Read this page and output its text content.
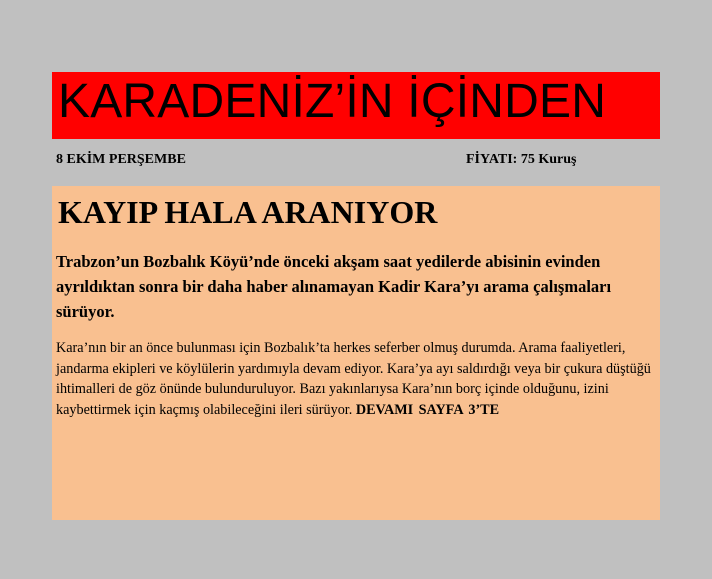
KARADENİZ’İN İÇİNDEN
8 EKİM PERŞEMBE	FİYATI: 75 Kuruş
KAYIP HALA ARANIYOR
Trabzon’un Bozbalık Köyü’nde önceki akşam saat yedilerde abisinin evinden ayrıldıktan sonra bir daha haber alınamayan Kadir Kara’yı arama çalışmaları sürüyor.
Kara’nın bir an önce bulunması için Bozbalık’ta herkes seferber olmuş durumda. Arama faaliyetleri, jandarma ekipleri ve köylülerin yardımıyla devam ediyor. Kara’ya ayı saldırdığı veya bir çukura düştüğü ihtimalleri de göz önünde bulunduruluyor. Bazı yakınlarıysa Kara’nın borç içinde olduğunu, izini kaybettirmek için kaçmış olabileceğini ileri sürüyor. DEVAMI SAYFA 3’TE
